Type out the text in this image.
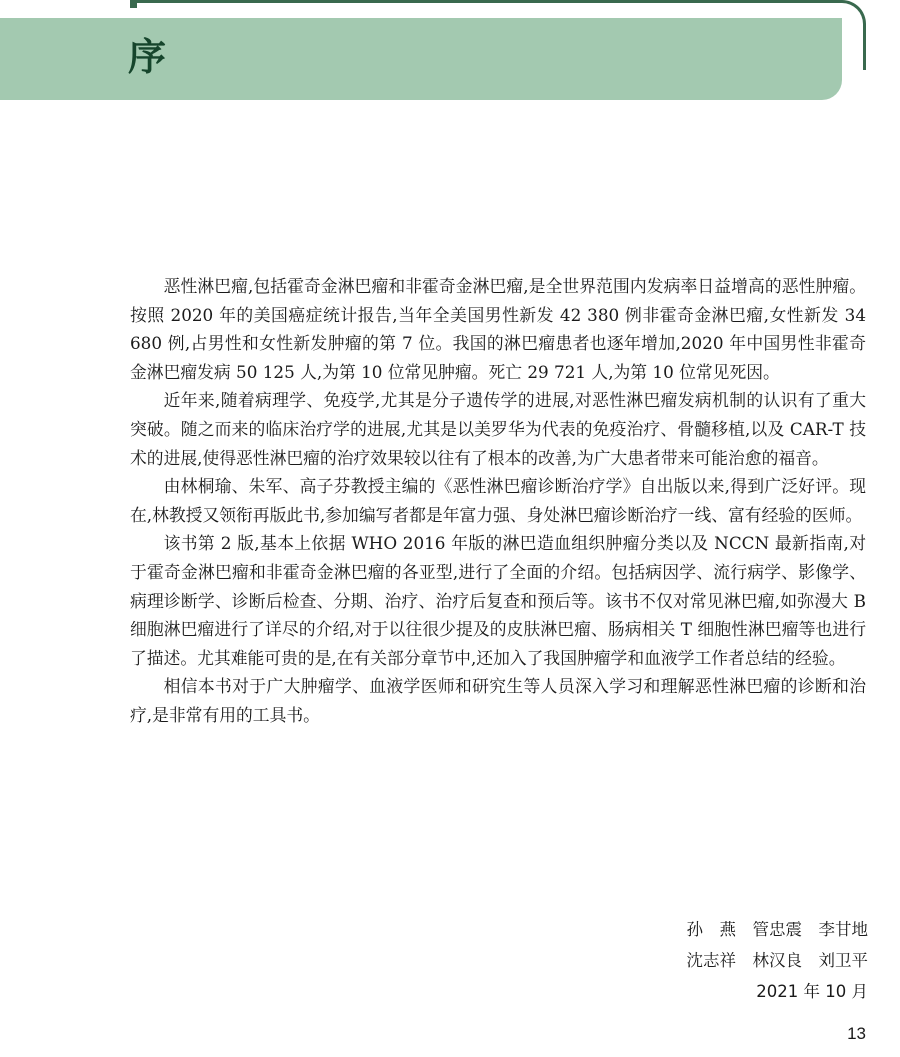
序

恶性淋巴瘤,包括霍奇金淋巴瘤和非霍奇金淋巴瘤,是全世界范围内发病率日益增高的恶性肿瘤。按照 2020 年的美国癌症统计报告,当年全美国男性新发 42 380 例非霍奇金淋巴瘤,女性新发 34 680 例,占男性和女性新发肿瘤的第 7 位。我国的淋巴瘤患者也逐年增加,2020 年中国男性非霍奇金淋巴瘤发病 50 125 人,为第 10 位常见肿瘤。死亡 29 721 人,为第 10 位常见死因。

近年来,随着病理学、免疫学,尤其是分子遗传学的进展,对恶性淋巴瘤发病机制的认识有了重大突破。随之而来的临床治疗学的进展,尤其是以美罗华为代表的免疫治疗、骨髓移植,以及 CAR-T 技术的进展,使得恶性淋巴瘤的治疗效果较以往有了根本的改善,为广大患者带来可能治愈的福音。

由林桐瑜、朱军、高子芬教授主编的《恶性淋巴瘤诊断治疗学》自出版以来,得到广泛好评。现在,林教授又领衔再版此书,参加编写者都是年富力强、身处淋巴瘤诊断治疗一线、富有经验的医师。

该书第 2 版,基本上依据 WHO 2016 年版的淋巴造血组织肿瘤分类以及 NCCN 最新指南,对于霍奇金淋巴瘤和非霍奇金淋巴瘤的各亚型,进行了全面的介绍。包括病因学、流行病学、影像学、病理诊断学、诊断后检查、分期、治疗、治疗后复查和预后等。该书不仅对常见淋巴瘤,如弥漫大 B 细胞淋巴瘤进行了详尽的介绍,对于以往很少提及的皮肤淋巴瘤、肠病相关 T 细胞性淋巴瘤等也进行了描述。尤其难能可贵的是,在有关部分章节中,还加入了我国肿瘤学和血液学工作者总结的经验。

相信本书对于广大肿瘤学、血液学医师和研究生等人员深入学习和理解恶性淋巴瘤的诊断和治疗,是非常有用的工具书。

孙　燕　管忠震　李甘地
沈志祥　林汉良　刘卫平
2021 年 10 月
13
